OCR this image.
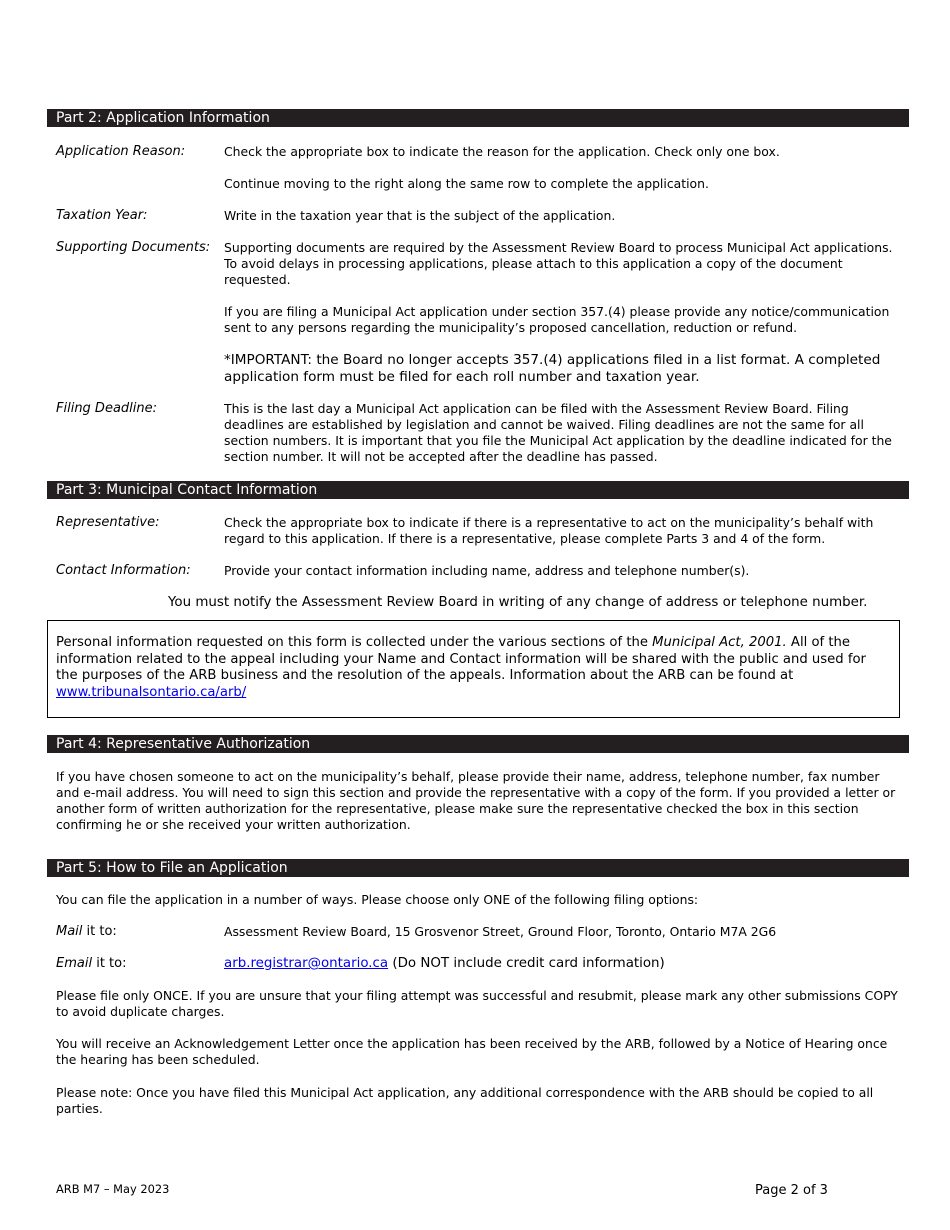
Part 2: Application Information
Application Reason:	Check the appropriate box to indicate the reason for the application. Check only one box.
Continue moving to the right along the same row to complete the application.
Taxation Year:	Write in the taxation year that is the subject of the application.
Supporting Documents: Supporting documents are required by the Assessment Review Board to process Municipal Act applications. To avoid delays in processing applications, please attach to this application a copy of the document requested.
If you are filing a Municipal Act application under section 357.(4) please provide any notice/communication sent to any persons regarding the municipality’s proposed cancellation, reduction or refund.
*IMPORTANT: the Board no longer accepts 357.(4) applications filed in a list format. A completed application form must be filed for each roll number and taxation year.
Filing Deadline:	This is the last day a Municipal Act application can be filed with the Assessment Review Board. Filing deadlines are established by legislation and cannot be waived. Filing deadlines are not the same for all section numbers. It is important that you file the Municipal Act application by the deadline indicated for the section number. It will not be accepted after the deadline has passed.
Part 3: Municipal Contact Information
Representative:	Check the appropriate box to indicate if there is a representative to act on the municipality’s behalf with regard to this application. If there is a representative, please complete Parts 3 and 4 of the form.
Contact Information:	Provide your contact information including name, address and telephone number(s).
You must notify the Assessment Review Board in writing of any change of address or telephone number.
Personal information requested on this form is collected under the various sections of the Municipal Act, 2001. All of the information related to the appeal including your Name and Contact information will be shared with the public and used for the purposes of the ARB business and the resolution of the appeals. Information about the ARB can be found at www.tribunalsontario.ca/arb/
Part 4: Representative Authorization
If you have chosen someone to act on the municipality’s behalf, please provide their name, address, telephone number, fax number and e-mail address. You will need to sign this section and provide the representative with a copy of the form. If you provided a letter or another form of written authorization for the representative, please make sure the representative checked the box in this section confirming he or she received your written authorization.
Part 5: How to File an Application
You can file the application in a number of ways. Please choose only ONE of the following filing options:
Mail it to:	Assessment Review Board, 15 Grosvenor Street, Ground Floor, Toronto, Ontario M7A 2G6
Email it to:	arb.registrar@ontario.ca (Do NOT include credit card information)
Please file only ONCE. If you are unsure that your filing attempt was successful and resubmit, please mark any other submissions COPY to avoid duplicate charges.
You will receive an Acknowledgement Letter once the application has been received by the ARB, followed by a Notice of Hearing once the hearing has been scheduled.
Please note: Once you have filed this Municipal Act application, any additional correspondence with the ARB should be copied to all parties.
ARB M7 – May 2023	Page 2 of 3
